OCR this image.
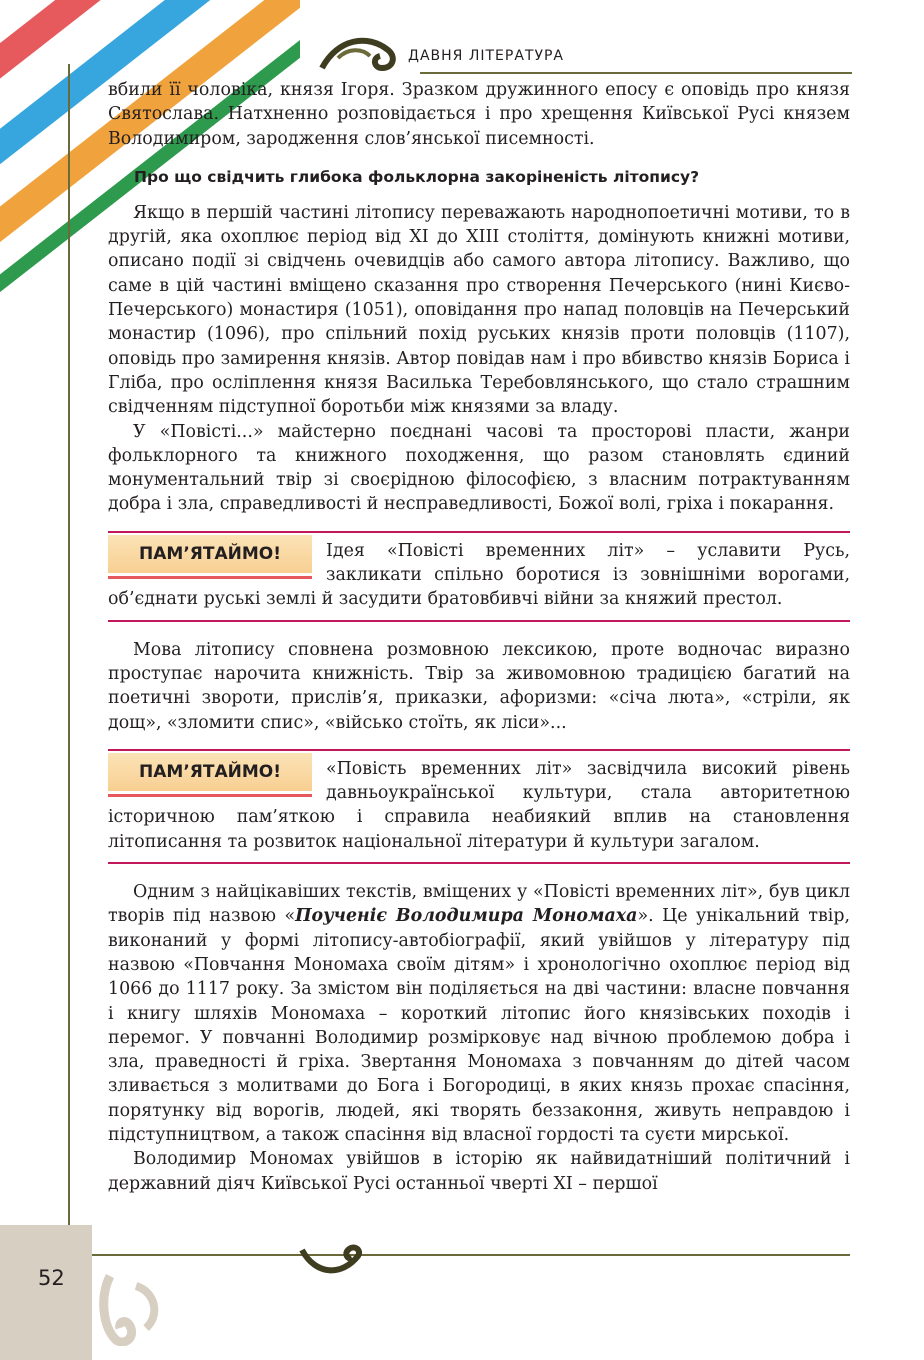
ДАВНЯ ЛІТЕРАТУРА
52

вбили її чоловіка, князя Ігоря. Зразком дружинного епосу є оповідь про князя Святослава. Натхненно розповідається і про хрещення Київської Русі князем Володимиром, зародження слов’янської писемності.

Про що свідчить глибока фольклорна закоріненість літопису?

Якщо в першій частині літопису переважають народнопоетичні мотиви, то в другій, яка охоплює період від ХІ до ХІІІ століття, домінують книжні мотиви, описано події зі свідчень очевидців або самого автора літопису. Важливо, що саме в цій частині вміщено сказання про створення Печерського (нині Києво-Печерського) монастиря (1051), оповідання про напад половців на Печерський монастир (1096), про спільний похід руських князів проти половців (1107), оповідь про замирення князів. Автор повідав нам і про вбивство князів Бориса і Гліба, про осліплення князя Василька Теребовлянського, що стало страшним свідченням підступної боротьби між князями за владу.

У «Повісті...» майстерно поєднані часові та просторові пласти, жанри фольклорного та книжного походження, що разом становлять єдиний монументальний твір зі своєрідною філософією, з власним потрактуванням добра і зла, справедливості й несправедливості, Божої волі, гріха і покарання.

ПАМ’ЯТАЙМО!	Ідея «Повісті временних літ» – уславити Русь, закликати спільно боротися із зовнішніми ворогами, об’єднати руські землі й засудити братовбивчі війни за княжий престол.

Мова літопису сповнена розмовною лексикою, проте водночас виразно проступає нарочита книжність. Твір за живомовною традицією багатий на поетичні звороти, прислів’я, приказки, афоризми: «січа люта», «стріли, як дощ», «зломити спис», «військо стоїть, як ліси»...

ПАМ’ЯТАЙМО!	«Повість временних літ» засвідчила високий рівень давньоукраїнської культури, стала авторитетною історичною пам’яткою і справила неабиякий вплив на становлення літописання та розвиток національної літератури й культури загалом.

Одним з найцікавіших текстів, вміщених у «Повісті временних літ», був цикл творів під назвою «Поученіє Володимира Мономаха». Це унікальний твір, виконаний у формі літопису-автобіографії, який увійшов у літературу під назвою «Повчання Мономаха своїм дітям» і хронологічно охоплює період від 1066 до 1117 року. За змістом він поділяється на дві частини: власне повчання і книгу шляхів Мономаха – короткий літопис його князівських походів і перемог. У повчанні Володимир розмірковує над вічною проблемою добра і зла, праведності й гріха. Звертання Мономаха з повчанням до дітей часом зливається з молитвами до Бога і Богородиці, в яких князь прохає спасіння, порятунку від ворогів, людей, які творять беззаконня, живуть неправдою і підступництвом, а також спасіння від власної гордості та суєти мирської.

Володимир Мономах увійшов в історію як найвидатніший політичний і державний діяч Київської Русі останньої чверті ХІ – першої
